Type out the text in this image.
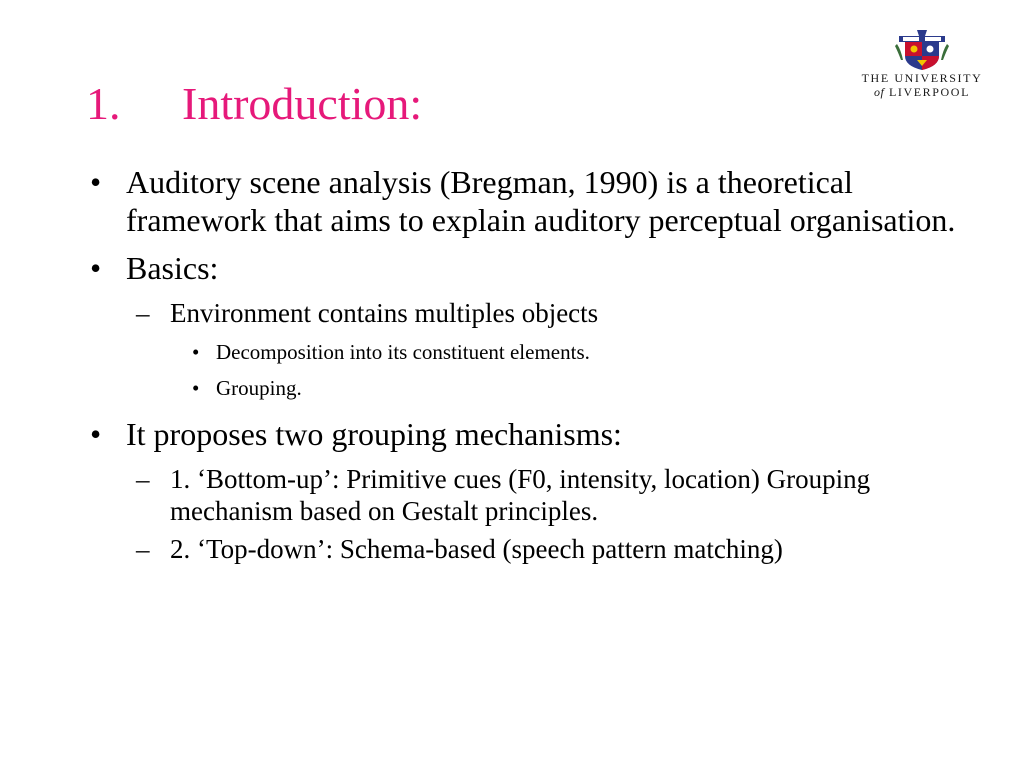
1. Introduction:	THE UNIVERSITY
of LIVERPOOL
• Auditory scene analysis (Bregman, 1990) is a theoretical framework that aims to explain auditory perceptual organisation.
• Basics:
– Environment contains multiples objects
• Decomposition into its constituent elements.
• Grouping.
• It proposes two grouping mechanisms:
– 1. ‘Bottom-up’: Primitive cues (F0, intensity, location) Grouping mechanism based on Gestalt principles.
– 2. ‘Top-down’: Schema-based (speech pattern matching)
